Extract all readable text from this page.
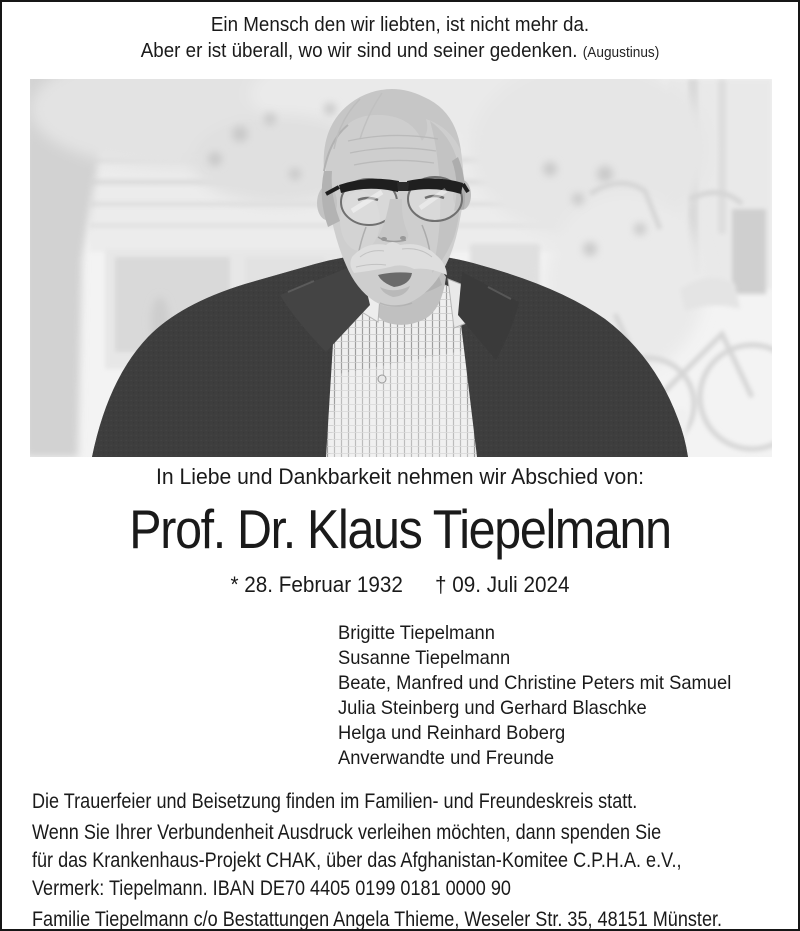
Ein Mensch den wir liebten, ist nicht mehr da.
Aber er ist überall, wo wir sind und seiner gedenken. (Augustinus)
In Liebe und Dankbarkeit nehmen wir Abschied von:
Prof. Dr. Klaus Tiepelmann
* 28. Februar 1932 † 09. Juli 2024
Brigitte Tiepelmann
Susanne Tiepelmann
Beate, Manfred und Christine Peters mit Samuel
Julia Steinberg und Gerhard Blaschke
Helga und Reinhard Boberg
Anverwandte und Freunde
Die Trauerfeier und Beisetzung finden im Familien- und Freundeskreis statt.
Wenn Sie Ihrer Verbundenheit Ausdruck verleihen möchten, dann spenden Sie
für das Krankenhaus-Projekt CHAK, über das Afghanistan-Komitee C.P.H.A. e.V.,
Vermerk: Tiepelmann. IBAN DE70 4405 0199 0181 0000 90
Familie Tiepelmann c/o Bestattungen Angela Thieme, Weseler Str. 35, 48151 Münster.
